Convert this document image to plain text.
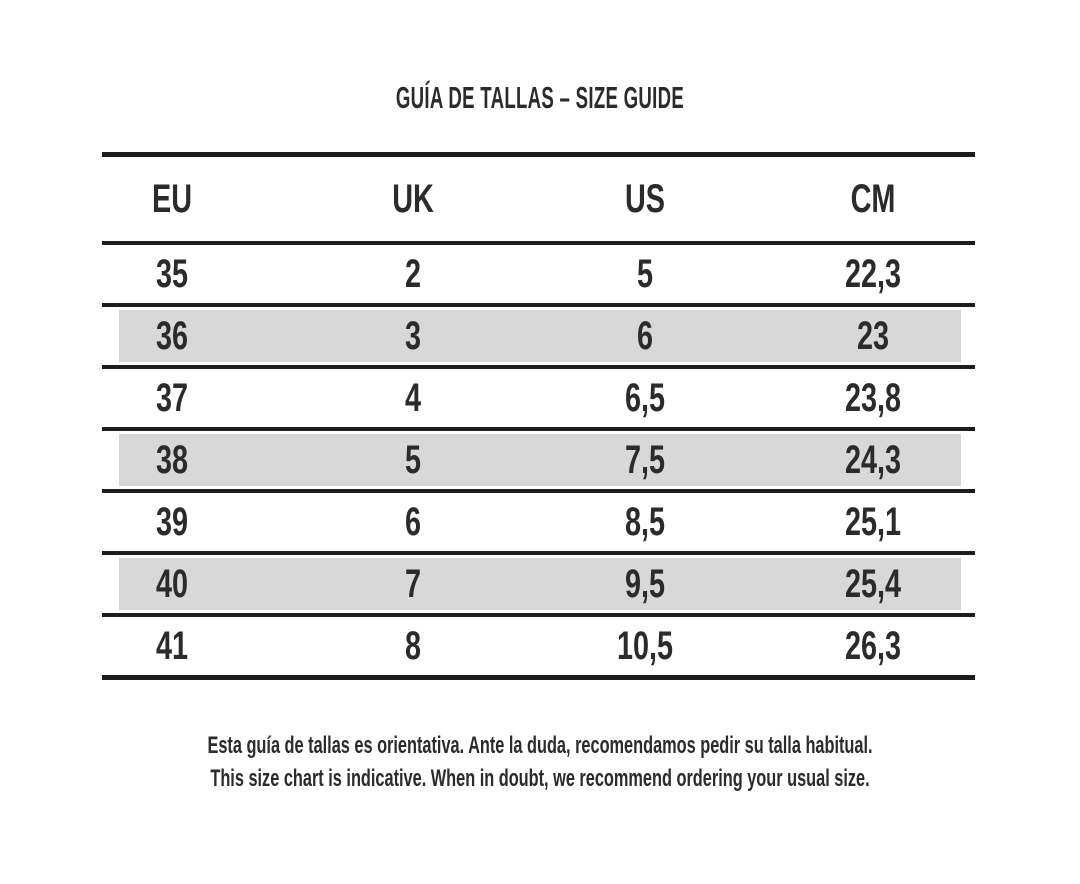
GUÍA DE TALLAS – SIZE GUIDE
EU	UK	US	CM
35	2	5	22,3
36	3	6	23
37	4	6,5	23,8
38	5	7,5	24,3
39	6	8,5	25,1
40	7	9,5	25,4
41	8	10,5	26,3
Esta guía de tallas es orientativa. Ante la duda, recomendamos pedir su talla habitual.
This size chart is indicative. When in doubt, we recommend ordering your usual size.
